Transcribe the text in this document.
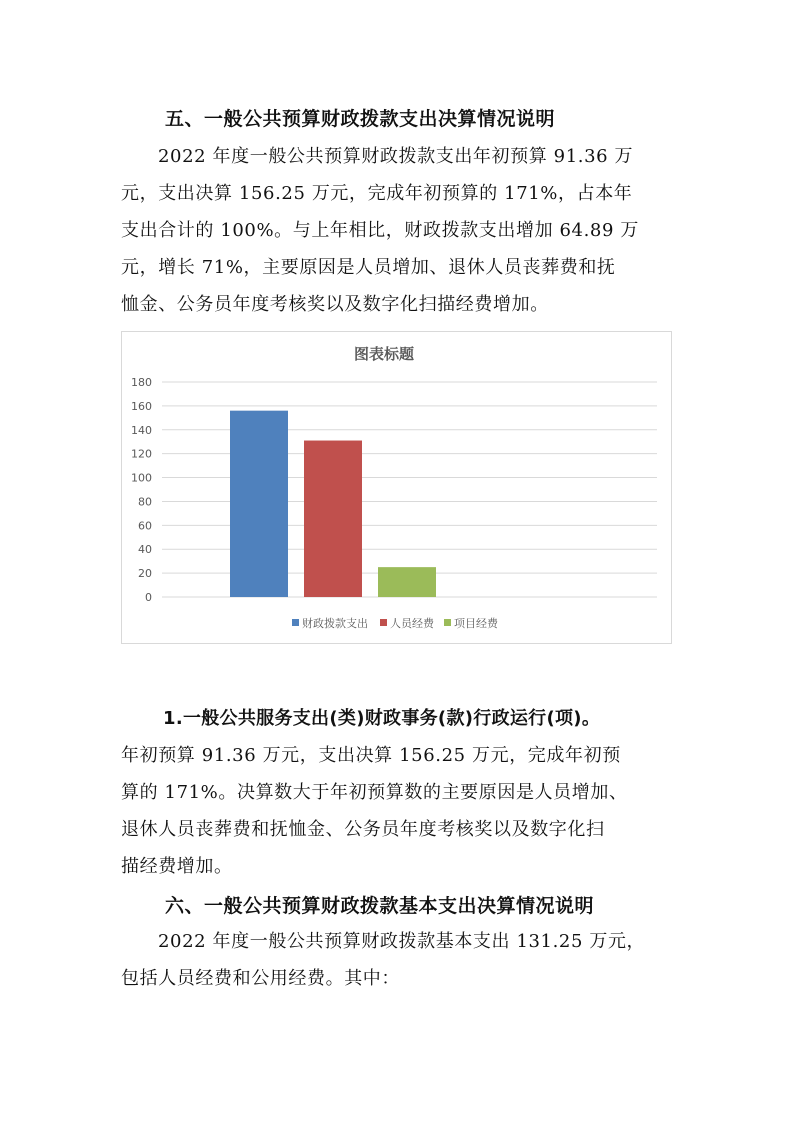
五、一般公共预算财政拨款支出决算情况说明
2022 年度一般公共预算财政拨款支出年初预算 91.36 万
元，支出决算 156.25 万元，完成年初预算的 171%，占本年
支出合计的 100%。与上年相比，财政拨款支出增加 64.89 万
元，增长 71%，主要原因是人员增加、退休人员丧葬费和抚
恤金、公务员年度考核奖以及数字化扫描经费增加。
图表标题
0
20
40
60
80
100
120
140
160
180
财政拨款支出 人员经费 项目经费
1.一般公共服务支出(类)财政事务(款)行政运行(项)。
年初预算 91.36 万元，支出决算 156.25 万元，完成年初预
算的 171%。决算数大于年初预算数的主要原因是人员增加、
退休人员丧葬费和抚恤金、公务员年度考核奖以及数字化扫
描经费增加。
六、一般公共预算财政拨款基本支出决算情况说明
2022 年度一般公共预算财政拨款基本支出 131.25 万元，
包括人员经费和公用经费。其中：
